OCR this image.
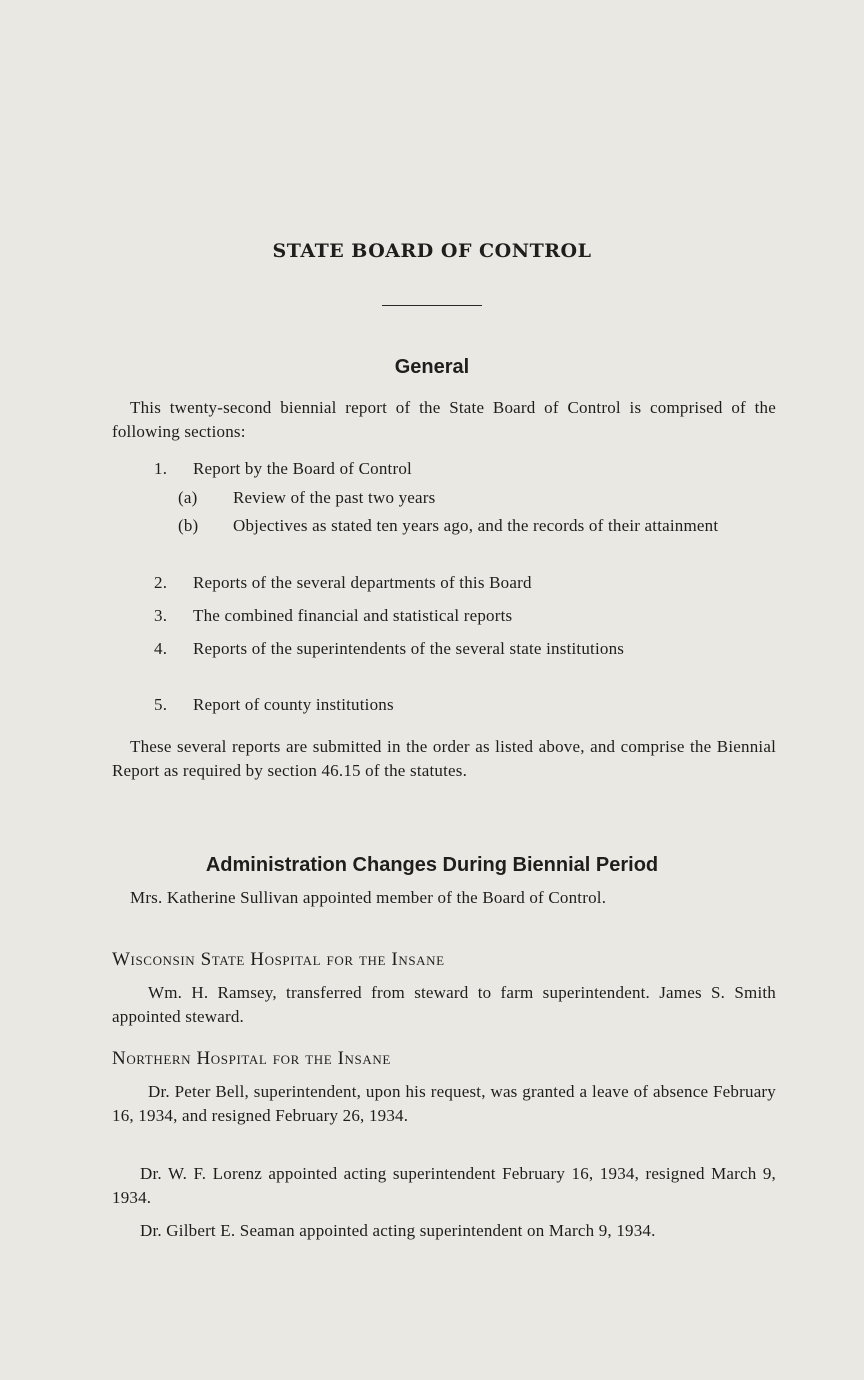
STATE BOARD OF CONTROL
General

This twenty-second biennial report of the State Board of Control is comprised of the following sections:

1. Report by the Board of Control
(a) Review of the past two years
(b) Objectives as stated ten years ago, and the records of their attainment
2. Reports of the several departments of this Board
3. The combined financial and statistical reports
4. Reports of the superintendents of the several state institutions
5. Report of county institutions

These several reports are submitted in the order as listed above, and comprise the Biennial Report as required by section 46.15 of the statutes.

Administration Changes During Biennial Period

Mrs. Katherine Sullivan appointed member of the Board of Control.

Wisconsin State Hospital for the Insane

Wm. H. Ramsey, transferred from steward to farm superintendent. James S. Smith appointed steward.

Northern Hospital for the Insane

Dr. Peter Bell, superintendent, upon his request, was granted a leave of absence February 16, 1934, and resigned February 26, 1934.

Dr. W. F. Lorenz appointed acting superintendent February 16, 1934, resigned March 9, 1934.

Dr. Gilbert E. Seaman appointed acting superintendent on March 9, 1934.
